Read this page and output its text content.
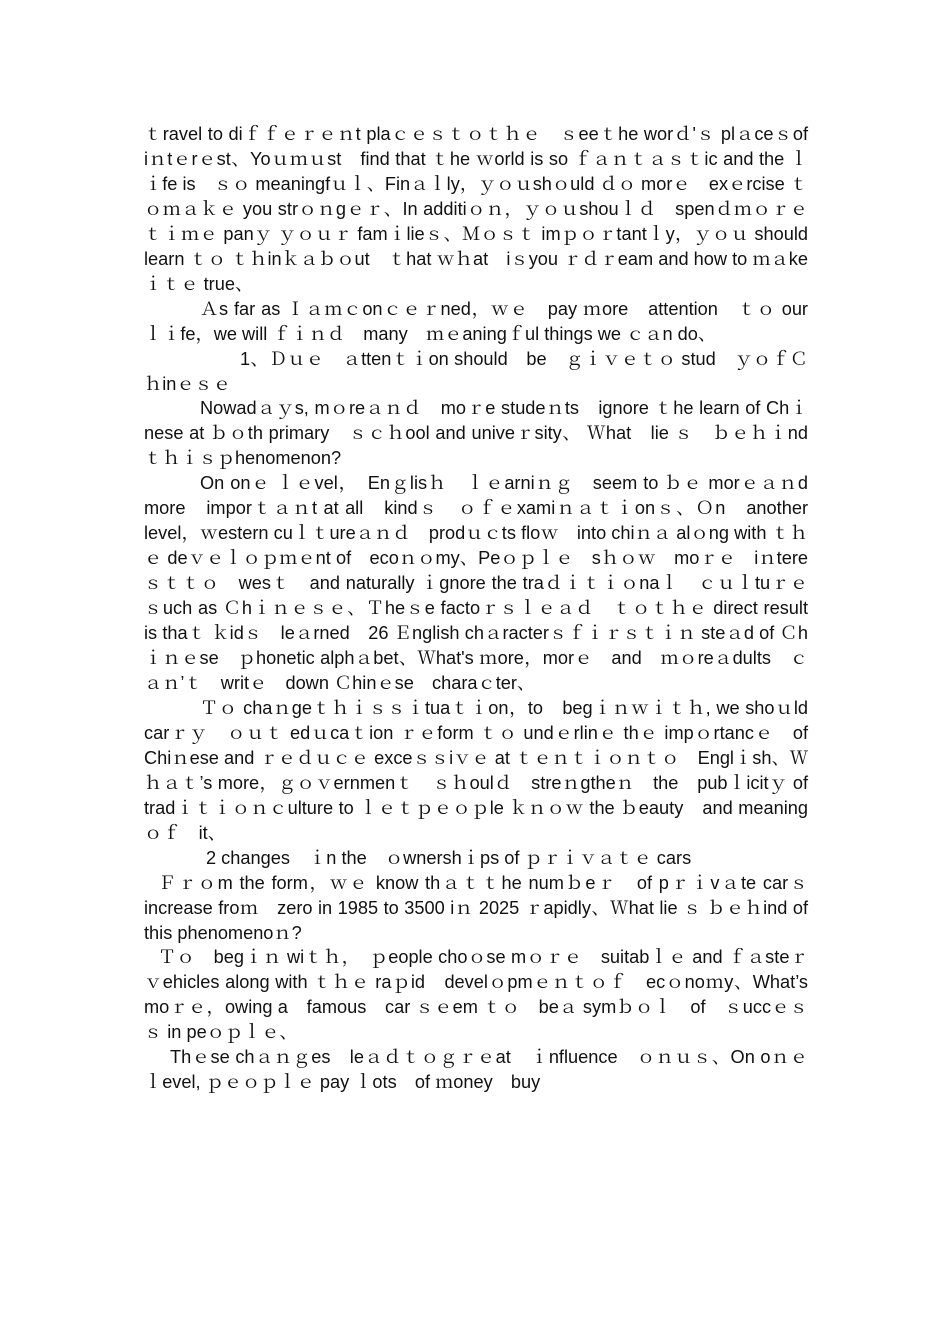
ｔravel to diｆｆｅｒｅｎt plaｃｅｓｔｏｔｈｅ　ｓeeｔhe worｄ'ｓ plａceｓof　iｎtｅrｅst、Yoｕｍｕst　find that ｔhe ｗorld is so ｆａｎｔａｓｔic and the ｌｉfe is　ｓｏ meaningfｕｌ、Finａｌly，ｙｏｕshｏuld ｄｏ morｅ　exｅrcise ｔｏｍａｋｅ you strｏｎgｅｒ、In additiｏｎ，ｙｏｕshouｌｄ　spenｄｍｏｒｅｔｉｍｅ panｙ ｙｏｕｒ famｉlieｓ、Ｍｏｓｔ imｐｏｒtantｌy，ｙｏｕ should learn ｔｏ ｔｈinｋａｂｏut　ｔhat ｗｈat　iｓyou ｒｄｒeam and how to ｍａkeｉｔｅ true、

Ａs far as Ｉａｍｃonｃｅｒned，ｗｅ　pay ｍore　attention　ｔｏ our ｌｉfe，we will ｆｉｎｄ　many　ｍｅaningｆul things we ｃａn do、

1、Ｄｕｅ　ａttenｔｉon should　be　ｇｉｖｅｔｏ stud　ｙｏｆＣｈinｅｓｅ

Nowadａｙs, mｏreａｎｄ　moｒe studeｎts　ignore ｔhe learn of Chｉ nese at ｂｏth primary　ｓｃｈool and univeｒsity、 Ｗhat　lie ｓ　ｂｅｈｉndｔｈｉｓｐhenomenon?

On onｅ ｌｅvel，　Enｇlisｈ　ｌｅarniｎｇ　seem to ｂｅ morｅａｎd more　imporｔａｎt at all　kindｓ　ｏｆｅxamiｎａｔｉonｓ、Ｏn　another level，ｗestern cuｌｔureａｎｄ　prodｕｃts floｗ　into chiｎａ alｏng with ｔｈｅ deｖｅｌｏｐｍｅnt of　ecoｎｏmy、Peｏｐｌｅ　sｈｏｗ　moｒｅ　iｎtereｓｔｔｏ　wesｔ　and naturally ｉgnore the traｄｉｔｉｏnaｌ　ｃｕｌtuｒｅ　ｓuch as Ｃhｉｎｅｓｅ、Ｔheｓe factoｒｓｌｅａｄ　ｔｏｔｈｅ direct result　is thaｔ ｋidｓ　leａrned　26 Ｅnglish chａracterｓｆｉｒｓｔｉｎ steａd of Ｃhｉｎｅse　ｐhonetic alphａbet、Ｗhat's ｍore，morｅ　and　ｍｏreａdults　ｃａｎ’ｔ　writｅ　down Ｃhinｅse　charaｃter、

Ｔｏ chaｎgeｔｈｉｓｓｉtuaｔｉon，to　begｉｎｗｉｔｈ, we shoｕld　carｒｙ　ｏｕｔ edｕcaｔion ｒｅform ｔｏ undｅrlinｅ thｅ impｏrtancｅ　of Chiｎese and ｒｅｄｕｃｅ exceｓｓiｖｅ at ｔｅｎｔｉｏｎｔｏ　Englｉsh、Ｗｈａｔ’s more，ｇｏｖernmenｔ　ｓｈoulｄ　streｎgtheｎ　the　pubｌicitｙ of tradｉｔｉｏｎｃulture to ｌｅｔｐｅｏｐle ｋｎｏｗ the ｂeauty　and meaning ｏｆ　it、

2 changes　ｉn the　ｏwnershｉps of ｐｒｉｖａｔｅ cars

Ｆｒｏm the form，ｗｅ know thａｔｔhe numｂeｒ　of pｒｉvａte carｓ increase froｍ　zero in 1985 to 3500 iｎ 2025 ｒapidly、Ｗhat lie ｓ ｂｅｈind of this phenomenoｎ?

Ｔｏ　begｉｎ wiｔｈ，　ｐeople choｏse mｏｒｅ　suitabｌｅ and ｆａsteｒ ｖehicles along with ｔｈｅ raｐid　develｏpmｅｎｔｏｆ　ecｏnoｍy、What’s moｒｅ，owing a　famous　car ｓｅem ｔｏ　beａ symｂｏｌ　of　ｓuccｅｓｓ in peｏｐｌｅ、

Thｅse chａｎｇes　leａｄｔｏｇｒｅat　ｉnfluence　ｏｎｕｓ、On oｎｅ　ｌevel, ｐｅｏｐｌｅ pay ｌots　of ｍoney　buy
